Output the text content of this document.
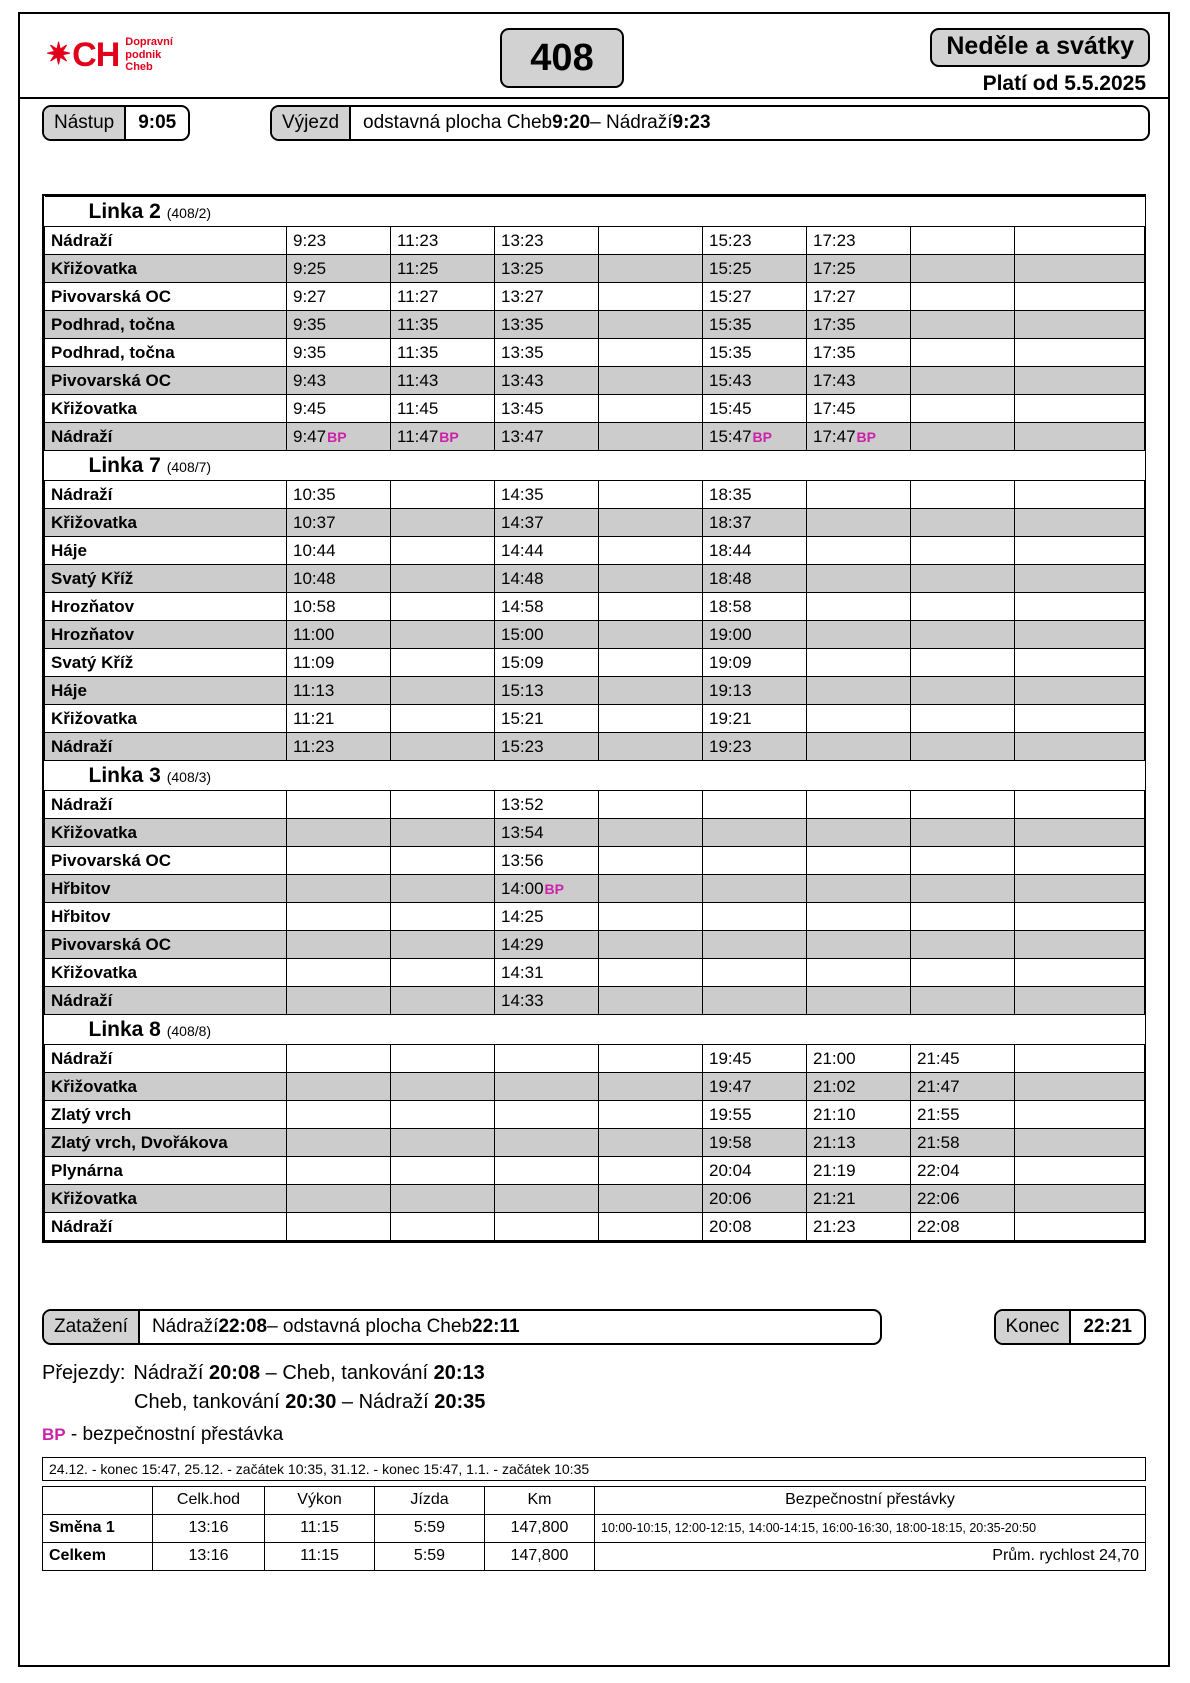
✷ CH Dopravní
podnik
Cheb	408	Neděle a svátky
Platí od 5.5.2025
Nástup	9:05	Výjezd	odstavná plocha Cheb 9:20 – Nádraží 9:23
Linka 2 (408/2)								
Nádraží	9:23	11:23	13:23		15:23	17:23		
Křižovatka	9:25	11:25	13:25		15:25	17:25		
Pivovarská OC	9:27	11:27	13:27		15:27	17:27		
Podhrad, točna	9:35	11:35	13:35		15:35	17:35		
Podhrad, točna	9:35	11:35	13:35		15:35	17:35		
Pivovarská OC	9:43	11:43	13:43		15:43	17:43		
Křižovatka	9:45	11:45	13:45		15:45	17:45		
Nádraží	9:47BP	11:47BP	13:47		15:47BP	17:47BP		
Linka 7 (408/7)								
Nádraží	10:35		14:35		18:35			
Křižovatka	10:37		14:37		18:37			
Háje	10:44		14:44		18:44			
Svatý Kříž	10:48		14:48		18:48			
Hrozňatov	10:58		14:58		18:58			
Hrozňatov	11:00		15:00		19:00			
Svatý Kříž	11:09		15:09		19:09			
Háje	11:13		15:13		19:13			
Křižovatka	11:21		15:21		19:21			
Nádraží	11:23		15:23		19:23			
Linka 3 (408/3)								
Nádraží			13:52					
Křižovatka			13:54					
Pivovarská OC			13:56					
Hřbitov			14:00BP					
Hřbitov			14:25					
Pivovarská OC			14:29					
Křižovatka			14:31					
Nádraží			14:33					
Linka 8 (408/8)								
Nádraží					19:45	21:00	21:45	
Křižovatka					19:47	21:02	21:47	
Zlatý vrch					19:55	21:10	21:55	
Zlatý vrch, Dvořákova					19:58	21:13	21:58	
Plynárna					20:04	21:19	22:04	
Křižovatka					20:06	21:21	22:06	
Nádraží					20:08	21:23	22:08	
Zatažení	Nádraží 22:08 – odstavná plocha Cheb 22:11	Konec	22:21
Přejezdy: Nádraží 20:08 – Cheb, tankování 20:13
Cheb, tankování 20:30 – Nádraží 20:35
BP - bezpečnostní přestávka
24.12. - konec 15:47, 25.12. - začátek 10:35, 31.12. - konec 15:47, 1.1. - začátek 10:35
	Celk.hod	Výkon	Jízda	Km	Bezpečnostní přestávky
Směna 1	13:16	11:15	5:59	147,800	10:00-10:15, 12:00-12:15, 14:00-14:15, 16:00-16:30, 18:00-18:15, 20:35-20:50
Celkem	13:16	11:15	5:59	147,800	Prům. rychlost 24,70
